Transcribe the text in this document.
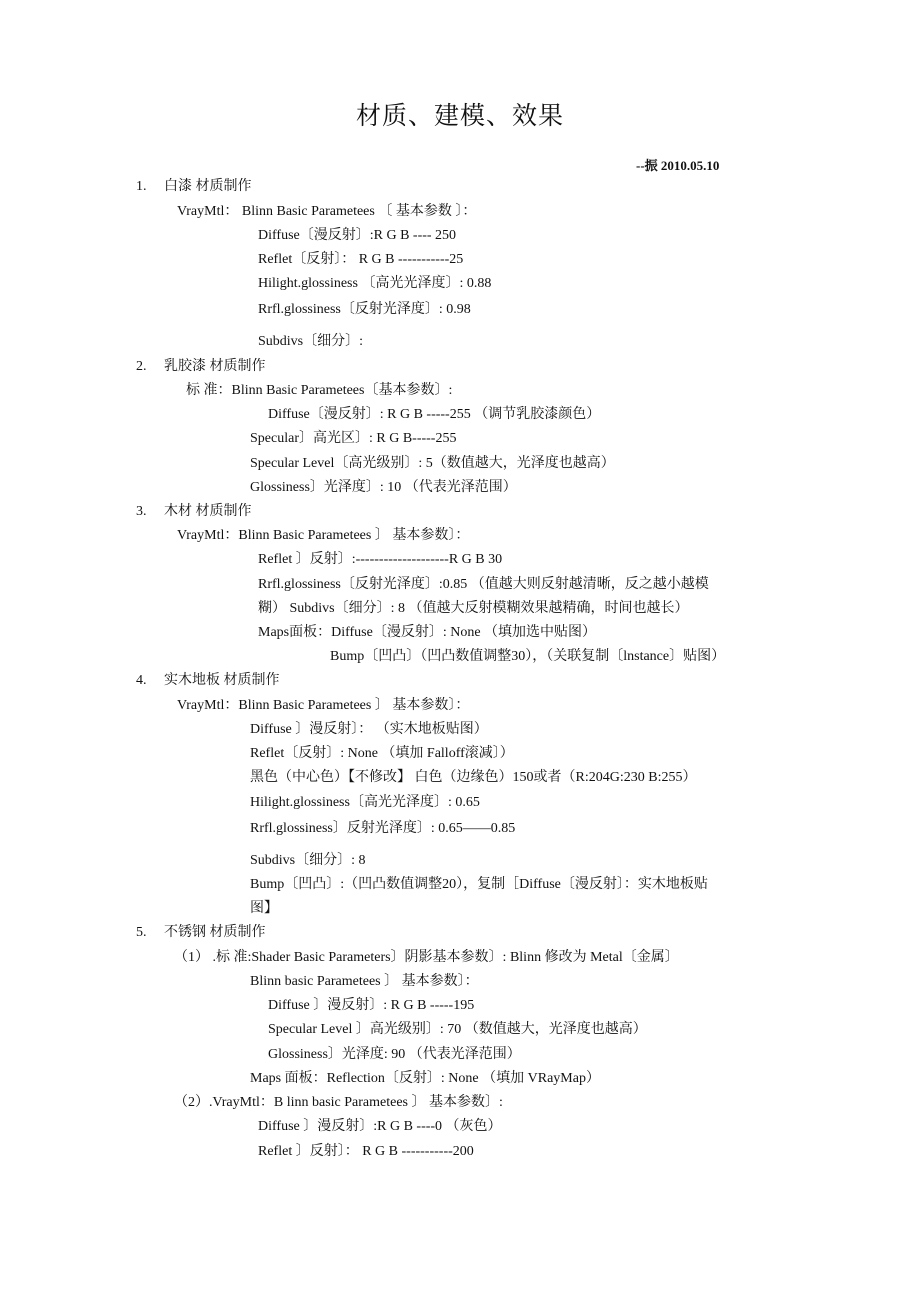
材质、建模、效果
--振 2010.05.10
1. 白漆 材质制作
VrayMtl： Blinn Basic Parametees 〔 基本参数 〕：
Diffuse〔漫反射〕:R G B ---- 250
Reflet〔反射〕： R G B -----------25
Hilight.glossiness 〔高光光泽度〕: 0.88
Rrfl.glossiness〔反射光泽度〕: 0.98
Subdivs〔细分〕:
2. 乳胶漆 材质制作
标 准：Blinn Basic Parametees〔基本参数〕:
Diffuse〔漫反射〕: R G B -----255 （调节乳胶漆颜色）
Specular〕高光区〕: R G B-----255
Specular Level〔高光级别〕: 5（数值越大，光泽度也越高）
Glossiness〕光泽度〕: 10 （代表光泽范围）
3. 木材 材质制作
VrayMtl：Blinn Basic Parametees 〕 基本参数〕：
Reflet 〕反射〕:--------------------R G B 30
Rrfl.glossiness〔反射光泽度〕:0.85 （值越大则反射越清晰，反之越小越模
糊） Subdivs〔细分〕: 8 （值越大反射模糊效果越精确，时间也越长）
Maps面板：Diffuse〔漫反射〕: None （填加选中贴图）
Bump〔凹凸〕（凹凸数值调整30），（关联复制〔lnstance〕贴图）
4. 实木地板 材质制作
VrayMtl：Blinn Basic Parametees 〕 基本参数〕：
Diffuse 〕漫反射〕： （实木地板贴图）
Reflet〔反射〕: None （填加 Falloff滚减〕）
黑色（中心色）【不修改】 白色（边缘色）150或者（R:204G:230 B:255）
Hilight.glossiness〔高光光泽度〕: 0.65
Rrfl.glossiness〕反射光泽度〕: 0.65——0.85
Subdivs〔细分〕: 8
Bump〔凹凸〕:（凹凸数值调整20），复制［Diffuse〔漫反射〕：实木地板贴
图】
5. 不锈钢 材质制作
（1） .标 准:Shader Basic Parameters〕阴影基本参数〕: Blinn 修改为 Metal〔金属〕
Blinn basic Parametees 〕 基本参数〕：
Diffuse 〕漫反射〕: R G B -----195
Specular Level 〕高光级别〕: 70 （数值越大，光泽度也越高）
Glossiness〕光泽度: 90 （代表光泽范围）
Maps 面板：Reflection〔反射〕: None （填加 VRayMap）
（2）.VrayMtl：B linn basic Parametees 〕 基本参数〕:
Diffuse 〕漫反射〕:R G B ----0 （灰色）
Reflet 〕反射〕： R G B -----------200
